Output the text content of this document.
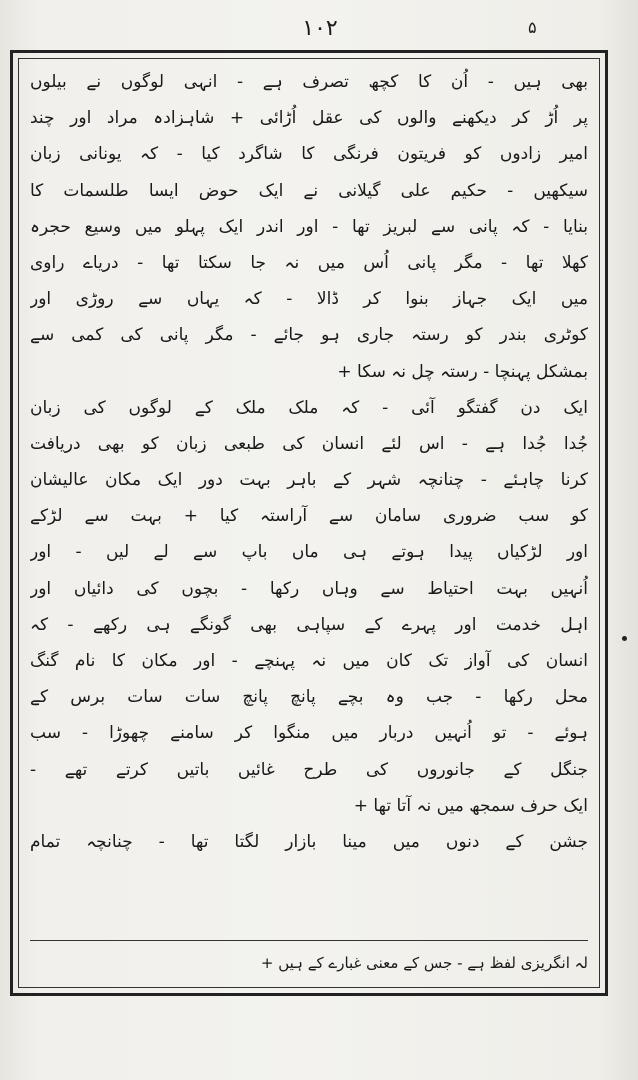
۱۰۲	۵
بھی ہیں - اُن کا کچھ تصرف ہے - انہی لوگوں نے بیلوں
پر اُڑ کر دیکھنے والوں کی عقل اُڑائی + شاہزادہ مراد اور چند
امیر زادوں کو فریتون فرنگی کا شاگرد کیا - کہ یونانی زبان
سیکھیں - حکیم علی گیلانی نے ایک حوض ایسا طلسمات کا
بنایا - کہ پانی سے لبریز تھا - اور اندر ایک پہلو میں وسیع حجرہ
کھلا تھا - مگر پانی اُس میں نہ جا سکتا تھا - دریاے راوی
میں ایک جہاز بنوا کر ڈالا - کہ یہاں سے روڑی اور
کوٹری بندر کو رستہ جاری ہو جائے - مگر پانی کی کمی سے
بمشکل پہنچا - رستہ چل نہ سکا +
ایک دن گفتگو آئی - کہ ملک ملک کے لوگوں کی زبان
جُدا جُدا ہے - اس لئے انسان کی طبعی زبان کو بھی دریافت
کرنا چاہئے - چنانچہ شہر کے باہر بہت دور ایک مکان عالیشان
کو سب ضروری سامان سے آراستہ کیا + بہت سے لڑکے
اور لڑکیاں پیدا ہوتے ہی ماں باپ سے لے لیں - اور
اُنہیں بہت احتیاط سے وہاں رکھا - بچوں کی دائیاں اور
اہل خدمت اور پہرے کے سپاہی بھی گونگے ہی رکھے - کہ
انسان کی آواز تک کان میں نہ پہنچے - اور مکان کا نام گنگ
محل رکھا - جب وہ بچے پانچ پانچ سات سات برس کے
ہوئے - تو اُنہیں دربار میں منگوا کر سامنے چھوڑا - سب
جنگل کے جانوروں کی طرح غائیں باتیں کرتے تھے -
ایک حرف سمجھ میں نہ آتا تھا +
جشن کے دنوں میں مینا بازار لگتا تھا - چنانچہ تمام
لہ انگریزی لفظ ہے - جس کے معنی غبارے کے ہیں +
